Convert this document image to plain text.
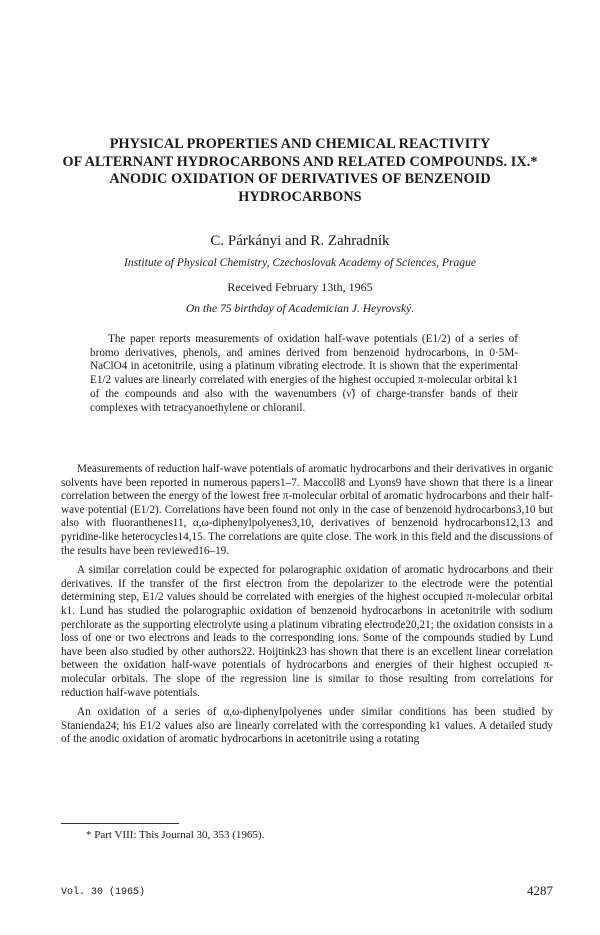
PHYSICAL PROPERTIES AND CHEMICAL REACTIVITY
OF ALTERNANT HYDROCARBONS AND RELATED COMPOUNDS. IX.*
ANODIC OXIDATION OF DERIVATIVES OF BENZENOID
HYDROCARBONS
C. Párkányi and R. Zahradník
Institute of Physical Chemistry, Czechoslovak Academy of Sciences, Prague
Received February 13th, 1965
On the 75 birthday of Academician J. Heyrovský.

The paper reports measurements of oxidation half-wave potentials (E1/2) of a series of bromo derivatives, phenols, and amines derived from benzenoid hydrocarbons, in 0·5M-NaClO4 in acetonitrile, using a platinum vibrating electrode. It is shown that the experimental E1/2 values are linearly correlated with energies of the highest occupied π-molecular orbital k1 of the compounds and also with the wavenumbers (ν̃) of charge-transfer bands of their complexes with tetracyanoethylene or chloranil.

Measurements of reduction half-wave potentials of aromatic hydrocarbons and their derivatives in organic solvents have been reported in numerous papers1–7. Maccoll8 and Lyons9 have shown that there is a linear correlation between the energy of the lowest free π-molecular orbital of aromatic hydrocarbons and their half-wave potential (E1/2). Correlations have been found not only in the case of benzenoid hydrocarbons3,10 but also with fluoranthenes11, α,ω-diphenylpolyenes3,10, derivatives of benzenoid hydrocarbons12,13 and pyridine-like heterocycles14,15. The correlations are quite close. The work in this field and the discussions of the results have been reviewed16–19.

A similar correlation could be expected for polarographic oxidation of aromatic hydrocarbons and their derivatives. If the transfer of the first electron from the depolarizer to the electrode were the potential determining step, E1/2 values should be correlated with energies of the highest occupied π-molecular orbital k1. Lund has studied the polarographic oxidation of benzenoid hydrocarbons in acetonitrile with sodium perchlorate as the supporting electrolyte using a platinum vibrating electrode20,21; the oxidation consists in a loss of one or two electrons and leads to the corresponding ions. Some of the compounds studied by Lund have been also studied by other authors22. Hoijtink23 has shown that there is an excellent linear correlation between the oxidation half-wave potentials of hydrocarbons and energies of their highest occupied π-molecular orbitals. The slope of the regression line is similar to those resulting from correlations for reduction half-wave potentials.

An oxidation of a series of α,ω-diphenylpolyenes under similar conditions has been studied by Stanienda24; his E1/2 values also are linearly correlated with the corresponding k1 values. A detailed study of the anodic oxidation of aromatic hydrocarbons in acetonitrile using a rotating

* Part VIII: This Journal 30, 353 (1965).
Vol. 30 (1965)	4287
